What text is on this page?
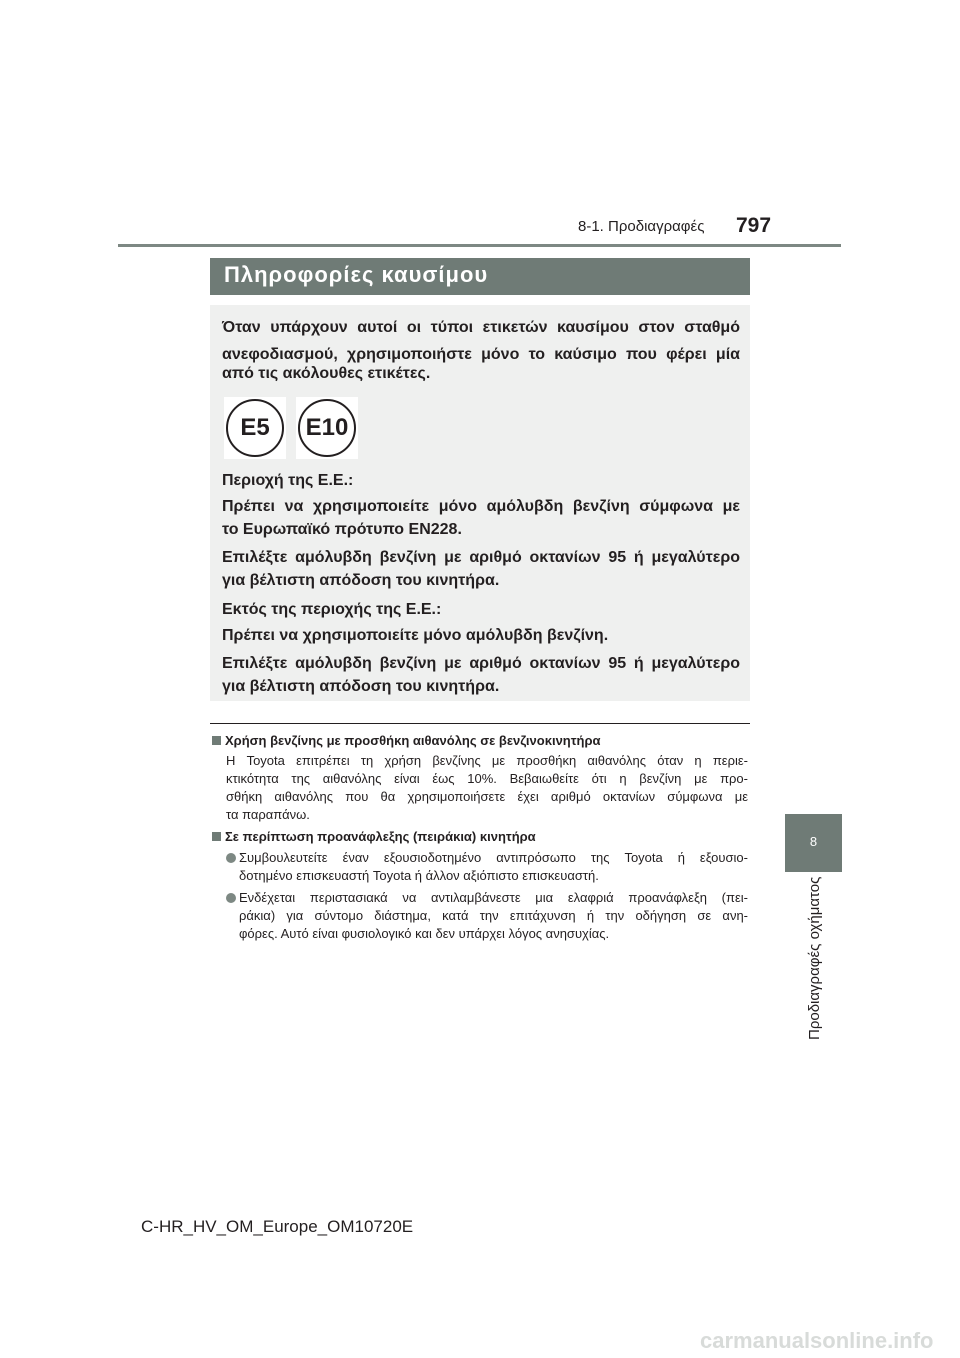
8-1. Προδιαγραφές 797
Πληροφορίες καυσίμου
Όταν υπάρχουν αυτοί οι τύποι ετικετών καυσίμου στον σταθμό
ανεφοδιασμού, χρησιμοποιήστε μόνο το καύσιμο που φέρει μία
από τις ακόλουθες ετικέτες.
E5	E10
Περιοχή της Ε.Ε.:
Πρέπει να χρησιμοποιείτε μόνο αμόλυβδη βενζίνη σύμφωνα με
το Ευρωπαϊκό πρότυπο EN228.
Επιλέξτε αμόλυβδη βενζίνη με αριθμό οκτανίων 95 ή μεγαλύτερο
για βέλτιστη απόδοση του κινητήρα.
Εκτός της περιοχής της Ε.Ε.:
Πρέπει να χρησιμοποιείτε μόνο αμόλυβδη βενζίνη.
Επιλέξτε αμόλυβδη βενζίνη με αριθμό οκτανίων 95 ή μεγαλύτερο
για βέλτιστη απόδοση του κινητήρα.
Χρήση βενζίνης με προσθήκη αιθανόλης σε βενζινοκινητήρα
Η Toyota επιτρέπει τη χρήση βενζίνης με προσθήκη αιθανόλης όταν η περιε-
κτικότητα της αιθανόλης είναι έως 10%. Βεβαιωθείτε ότι η βενζίνη με προ-
σθήκη αιθανόλης που θα χρησιμοποιήσετε έχει αριθμό οκτανίων σύμφωνα με
τα παραπάνω.
Σε περίπτωση προανάφλεξης (πειράκια) κινητήρα
Συμβουλευτείτε έναν εξουσιοδοτημένο αντιπρόσωπο της Toyota ή εξουσιο-
δοτημένο επισκευαστή Toyota ή άλλον αξιόπιστο επισκευαστή.
Ενδέχεται περιστασιακά να αντιλαμβάνεστε μια ελαφριά προανάφλεξη (πει-
ράκια) για σύντομο διάστημα, κατά την επιτάχυνση ή την οδήγηση σε ανη-
φόρες. Αυτό είναι φυσιολογικό και δεν υπάρχει λόγος ανησυχίας.
8
Προδιαγραφές οχήματος
C-HR_HV_OM_Europe_OM10720E
carmanualsonline.info
